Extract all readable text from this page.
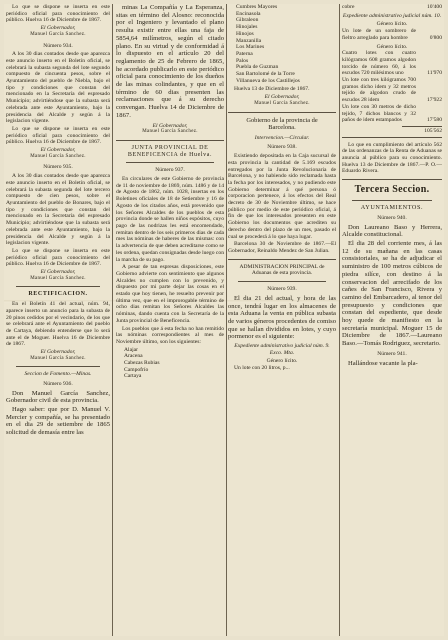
Lo que se dispone se inserta en este periódico oficial para conocimiento del público. Huelva 16 de Diciembre de 1867.

El Gobernador,

Manuel García Sanchez.

Número 934.

A los 30 dias contados desde que aparezca este anuncio inserto en el Boletín oficial, se celebrará la subasta segunda del lote segundo compuesto de cincuenta pesos, sobre el Ayuntamiento del pueblo de Niebla, bajo el tipo y condiciones que constan del mencionado en la Secretaría del espresado Municipio; advirtiéndose que la subasta será celebrada ante este Ayuntamiento, bajo la presidencia del Alcalde y según á la legislacion vigente.

Lo que se dispone se inserta en este periódico oficial para conocimiento del público. Huelva 16 de Diciembre de 1867.

El Gobernador,

Manuel García Sanchez.

Número 935.

A los 30 dias contados desde que aparezca este anuncio inserto en el Boletín oficial, se celebrará la subasta segunda del lote tercero compuesto de cien pesos, sobre el Ayuntamiento del pueblo de Bonares, bajo el tipo y condiciones que constan del mencionado en la Secretaría del espresado Municipio; advirtiéndose que la subasta será celebrada ante este Ayuntamiento, bajo la presidencia del Alcalde y según á la legislacion vigente.

Lo que se dispone se inserta en este periódico oficial para conocimiento del público. Huelva 16 de Diciembre de 1867.

El Gobernador,

Manuel García Sanchez.

RECTIFICACION.

En el Boletín 41 del actual, núm. 94, aparece inserto un anuncio para la subasta de 20 pinos cedidos por el vecindario, de los que se celebrará ante el Ayuntamiento del pueblo de Cartaya, debiendo entenderse que lo será ante el de Moguer. Huelva 16 de Diciembre de 1867.

El Gobernador,

Manuel García Sanchez.

Seccion de Fomento.—Minas.

Número 936.

Don Manuel García Sanchez, Gobernador civil de esta provincia.

Hago saber: que por D. Manuel V. Mercier y compañía, se ha presentado en el dia 29 de setiembre de 1865 solicitud de demasía entre las

minas La Compañía y La Esperanza, sitas en término del Alosno: reconocida por el Ingeniero y levantado el plano resulta existir entre ellas una faja de 5854,64 milímetros, según el citado plano. En su virtud y de conformidad á lo dispuesto en el artículo 20 del reglamento de 25 de Febrero de 1865, he acordado publicarlo en este periódico oficial para conocimiento de los dueños de las minas colindantes, y que en el término de 60 dias presenten las reclamaciones que á su derecho convengan. Huelva 14 de Diciembre de 1867.

El Gobernador,

Manuel García Sanchez.

JUNTA PROVINCIAL DE BENEFICENCIA de Huelva.

Número 937.

En circulares de este Gobierno de provincia de 11 de noviembre de 1869, núm. 1486 y de 14 de Agosto de 1862, núm. 1028, insertas en los Boletines oficiales de 18 de Setiembre y 16 de Agosto de los citados años, está prevenido que los Señores Alcaldes de los pueblos de esta provincia donde se hallen niños espósitos, cuyo pago de las nodrizas les está encomendado, remitan dentro de los seis primeros dias de cada mes las nóminas de haberes de las mismas: con la advertencia de que deben acreditarse como se les ordena, quedan consignadas desde luego con la marcha de su pago.

A pesar de tan espresas disposiciones, este Gobierno advierte con sentimiento que algunos Alcaldes no cumplen con lo prevenido, y dispuesto por mi parte dejar las cosas en el estado que hoy tienen, he resuelto prevenir por última vez, que en el improrogable término de ocho dias remitan los Señores Alcaldes las nóminas, dando cuenta con la Secretaría de la Junta provincial de Beneficencia.

Los pueblos que á esta fecha no han remitido las nóminas correspondientes al mes de Noviembre último, son los siguientes:

Alajar

Aracena

Cabezas Rubias

Campofrío

Cartaya

Cumbres Mayores

Encinasola

Gibraleon

Hinojales

Hinojos

Manzanilla

Los Marines

Paterna

Palos

Puebla de Guzman

San Bartolomé de la Torre

Villanueva de los Castillejos

Huelva 13 de Diciembre de 1867.

El Gobernador,

Manuel García Sanchez.

Gobierno de la provincia de Barcelona.

Intervencion.—Circular.

Número 938.

Existiendo depositada en la Caja sucursal de esta provincia la cantidad de 5.169 escudos entregados por la Junta Revolucionaria de Barcelona, y no habiendo sido reclamada hasta la fecha por los interesados, y no pudiendo este Gobierno determinar á qué persona ó corporacion pertenece, á los efectos del Real decreto de 30 de Noviembre último, se hace público por medio de este periódico oficial, á fin de que los interesados presenten en este Gobierno los documentos que acrediten su derecho dentro del plazo de un mes, pasado el cual se procederá á lo que haya lugar.

Barcelona 30 de Noviembre de 1867.—El Gobernador, Reinaldo Mendez de San Julian.

ADMINISTRACION PRINCIPAL de Aduanas de esta provincia.

Número 939.

El dia 21 del actual, y hora de las once, tendrá lugar en los almacenes de esta Aduana la venta en pública subasta de varios géneros procedentes de comiso que se hallan divididos en lotes, y cuyo pormenor es el siguiente:

Expediente administrativo judicial núm. 9. Exco. Mta.

Género lícito.

Un lote con 20 litros, p...

cobre	10'400

Expediente administrativo judicial núm. 10.

Género lícito.

Un lote de un sombrero de fieltro arreglado para hombre	0'800

Género lícito.

Cuatro lotes con cuatro kilógramos 608 gramos algodon torcido de número 60, á los escudos 720 milésimos uno	11'970
Un lote con tres kilógramos 700 gramos dicho idem y 32 metros tejido de algodon crudo de escudos 28 idem	17'922
Un lote con 30 metros de dicho tejido, 7 dichos blancos y 32 paños de idem estampados	17'580
105'562

Lo que en cumplimiento del artículo 562 de las ordenanzas de la Renta de Aduanas se anuncia al público para su conocimiento. Huelva 13 de Diciembre de 1867.—P. O.—Eduardo Rivera.

Tercera Seccion.

AYUNTAMIENTOS.

Número 940.

Don Laureano Baso y Herrera, Alcalde constitucional.

El dia 28 del corriente mes, á las 12 de su mañana en las casas consistoriales, se ha de adjudicar el suministro de 100 metros cúbicos de piedra silíce, con destino á la conservacion del arrecifado de los cañes de San Francisco, Rivera y camino del Embarcadero, al tenor del presupuesto y condiciones que constan del espediente, que desde hoy quede de manifiesto en la secretaría municipal. Moguer 15 de Diciembre de 1867.—Laureano Baso.—Tomás Rodriguez, secretario.

Número 941.

Hallándose vacante la pla-
